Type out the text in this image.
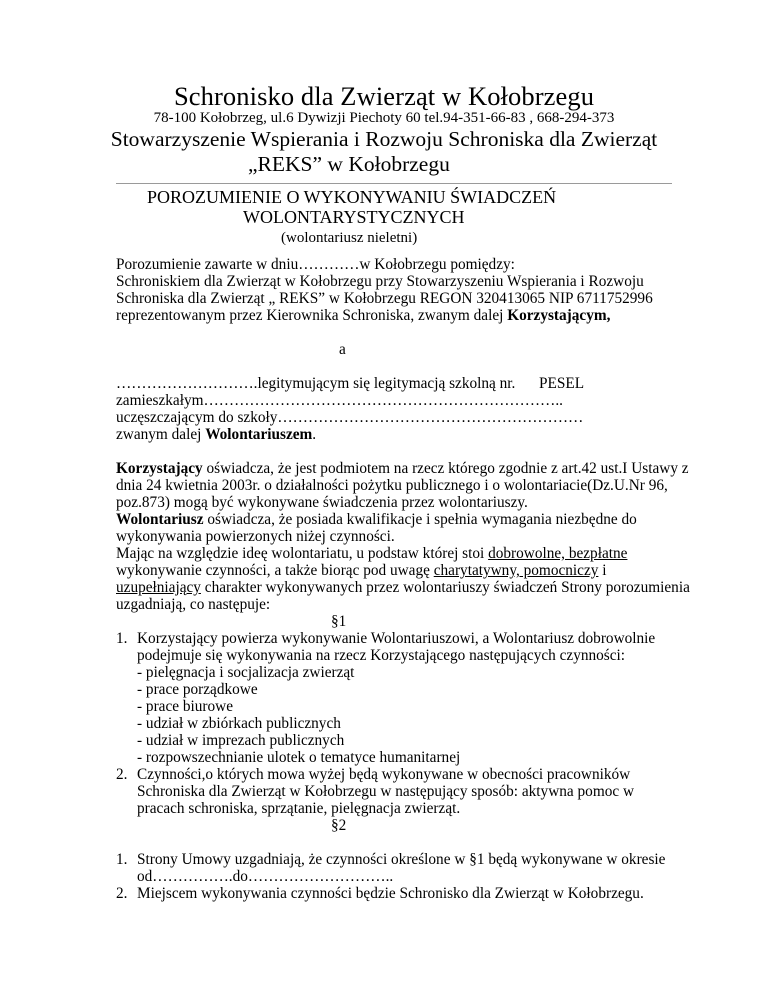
Schronisko dla Zwierząt w Kołobrzegu

78-100 Kołobrzeg, ul.6 Dywizji Piechoty 60 tel.94-351-66-83 , 668-294-373

Stowarzyszenie Wspierania i Rozwoju Schroniska dla Zwierząt

„REKS” w Kołobrzegu

POROZUMIENIE O WYKONYWANIU ŚWIADCZEŃ

WOLONTARYSTYCZNYCH

(wolontariusz nieletni)

Porozumienie zawarte w dniu…………w Kołobrzegu pomiędzy:

Schroniskiem dla Zwierząt w Kołobrzegu przy Stowarzyszeniu Wspierania i Rozwoju

Schroniska dla Zwierząt „ REKS” w Kołobrzegu REGON 320413065 NIP 6711752996

reprezentowanym przez Kierownika Schroniska, zwanym dalej Korzystającym,

a

……………………….legitymującym się legitymacją szkolną nr. PESEL

zamieszkałym……………………………………………………………..

uczęszczającym do szkoły……………………………………………………

zwanym dalej Wolontariuszem.

Korzystający oświadcza, że jest podmiotem na rzecz którego zgodnie z art.42 ust.I Ustawy z

dnia 24 kwietnia 2003r. o działalności pożytku publicznego i o wolontariacie(Dz.U.Nr 96,

poz.873) mogą być wykonywane świadczenia przez wolontariuszy.

Wolontariusz oświadcza, że posiada kwalifikacje i spełnia wymagania niezbędne do

wykonywania powierzonych niżej czynności.

Mając na względzie ideę wolontariatu, u podstaw której stoi dobrowolne, bezpłatne

wykonywanie czynności, a także biorąc pod uwagę charytatywny, pomocniczy i

uzupełniający charakter wykonywanych przez wolontariuszy świadczeń Strony porozumienia

uzgadniają, co następuje:

§1

1. Korzystający powierza wykonywanie Wolontariuszowi, a Wolontariusz dobrowolnie

podejmuje się wykonywania na rzecz Korzystającego następujących czynności:

- pielęgnacja i socjalizacja zwierząt

- prace porządkowe

- prace biurowe

- udział w zbiórkach publicznych

- udział w imprezach publicznych

- rozpowszechnianie ulotek o tematyce humanitarnej

2. Czynności,o których mowa wyżej będą wykonywane w obecności pracowników

Schroniska dla Zwierząt w Kołobrzegu w następujący sposób: aktywna pomoc w

pracach schroniska, sprzątanie, pielęgnacja zwierząt.

§2

1. Strony Umowy uzgadniają, że czynności określone w §1 będą wykonywane w okresie

od…………….do………………………..

2. Miejscem wykonywania czynności będzie Schronisko dla Zwierząt w Kołobrzegu.
